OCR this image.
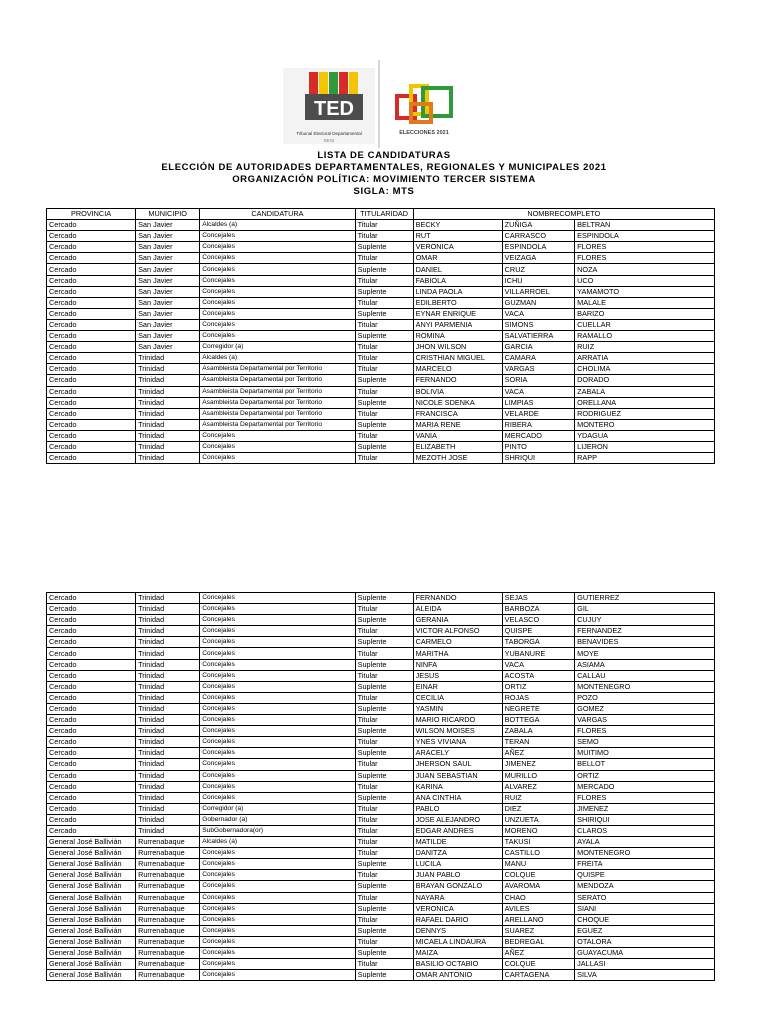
TED
Tribunal Electoral Departamental
BENI
ELECCIONES 2021
LISTA DE CANDIDATURAS
ELECCIÓN DE AUTORIDADES DEPARTAMENTALES, REGIONALES Y MUNICIPALES 2021
ORGANIZACIÓN POLÍTICA: MOVIMIENTO TERCER SISTEMA
SIGLA: MTS
PROVINCIA	MUNICIPIO	CANDIDATURA	TITULARIDAD	NOMBRECOMPLETO		
Cercado	San Javier	Alcaldes (a)	Titular	BECKY	ZUÑIGA	BELTRAN
Cercado	San Javier	Concejales	Titular	RUT	CARRASCO	ESPINDOLA
Cercado	San Javier	Concejales	Suplente	VERONICA	ESPINDOLA	FLORES
Cercado	San Javier	Concejales	Titular	OMAR	VEIZAGA	FLORES
Cercado	San Javier	Concejales	Suplente	DANIEL	CRUZ	NOZA
Cercado	San Javier	Concejales	Titular	FABIOLA	ICHU	UCO
Cercado	San Javier	Concejales	Suplente	LINDA PAOLA	VILLARROEL	YAMAMOTO
Cercado	San Javier	Concejales	Titular	EDILBERTO	GUZMAN	MALALE
Cercado	San Javier	Concejales	Suplente	EYNAR ENRIQUE	VACA	BARIZO
Cercado	San Javier	Concejales	Titular	ANYI PARMENIA	SIMONS	CUELLAR
Cercado	San Javier	Concejales	Suplente	ROMINA	SALVATIERRA	RAMALLO
Cercado	San Javier	Corregidor (a)	Titular	JHON WILSON	GARCIA	RUIZ
Cercado	Trinidad	Alcaldes (a)	Titular	CRISTHIAN MIGUEL	CAMARA	ARRATIA
Cercado	Trinidad	Asambleista Departamental por Territorio	Titular	MARCELO	VARGAS	CHOLIMA
Cercado	Trinidad	Asambleista Departamental por Territorio	Suplente	FERNANDO	SORIA	DORADO
Cercado	Trinidad	Asambleista Departamental por Territorio	Titular	BOLIVIA	VACA	ZABALA
Cercado	Trinidad	Asambleista Departamental por Territorio	Suplente	NICOLE SDENKA	LIMPIAS	ORELLANA
Cercado	Trinidad	Asambleista Departamental por Territorio	Titular	FRANCISCA	VELARDE	RODRIGUEZ
Cercado	Trinidad	Asambleista Departamental por Territorio	Suplente	MARIA RENE	RIBERA	MONTERO
Cercado	Trinidad	Concejales	Titular	VANIA	MERCADO	YDAGUA
Cercado	Trinidad	Concejales	Suplente	ELIZABETH	PINTO	LIJERON
Cercado	Trinidad	Concejales	Titular	MEZOTH JOSE	SHRIQUI	RAPP
Cercado	Trinidad	Concejales	Suplente	FERNANDO	SEJAS	GUTIERREZ
Cercado	Trinidad	Concejales	Titular	ALEIDA	BARBOZA	GIL
Cercado	Trinidad	Concejales	Suplente	GERANIA	VELASCO	CUJUY
Cercado	Trinidad	Concejales	Titular	VICTOR ALFONSO	QUISPE	FERNANDEZ
Cercado	Trinidad	Concejales	Suplente	CARMELO	TABORGA	BENAVIDES
Cercado	Trinidad	Concejales	Titular	MARITHA	YUBANURE	MOYE
Cercado	Trinidad	Concejales	Suplente	NINFA	VACA	ASIAMA
Cercado	Trinidad	Concejales	Titular	JESUS	ACOSTA	CALLAU
Cercado	Trinidad	Concejales	Suplente	EINAR	ORTIZ	MONTENEGRO
Cercado	Trinidad	Concejales	Titular	CECILIA	ROJAS	POZO
Cercado	Trinidad	Concejales	Suplente	YASMIN	NEGRETE	GOMEZ
Cercado	Trinidad	Concejales	Titular	MARIO RICARDO	BOTTEGA	VARGAS
Cercado	Trinidad	Concejales	Suplente	WILSON MOISES	ZABALA	FLORES
Cercado	Trinidad	Concejales	Titular	YNES VIVIANA	TERAN	SEMO
Cercado	Trinidad	Concejales	Suplente	ARACELY	AÑEZ	MUITIMO
Cercado	Trinidad	Concejales	Titular	JHERSON SAUL	JIMENEZ	BELLOT
Cercado	Trinidad	Concejales	Suplente	JUAN SEBASTIAN	MURILLO	ORTIZ
Cercado	Trinidad	Concejales	Titular	KARINA	ALVAREZ	MERCADO
Cercado	Trinidad	Concejales	Suplente	ANA CINTHIA	RUIZ	FLORES
Cercado	Trinidad	Corregidor (a)	Titular	PABLO	DIEZ	JIMENEZ
Cercado	Trinidad	Gobernador (a)	Titular	JOSE ALEJANDRO	UNZUETA	SHIRIQUI
Cercado	Trinidad	SubGobernadora(or)	Titular	EDGAR ANDRES	MORENO	CLAROS
General José Ballivián	Rurrenabaque	Alcaldes (a)	Titular	MATILDE	TAKUSI	AYALA
General José Ballivián	Rurrenabaque	Concejales	Titular	DANITZA	CASTILLO	MONTENEGRO
General José Ballivián	Rurrenabaque	Concejales	Suplente	LUCILA	MANU	FREITA
General José Ballivián	Rurrenabaque	Concejales	Titular	JUAN PABLO	COLQUE	QUISPE
General José Ballivián	Rurrenabaque	Concejales	Suplente	BRAYAN GONZALO	AVAROMA	MENDOZA
General José Ballivián	Rurrenabaque	Concejales	Titular	NAYARA	CHAO	SERATO
General José Ballivián	Rurrenabaque	Concejales	Suplente	VERONICA	AVILES	SIANI
General José Ballivián	Rurrenabaque	Concejales	Titular	RAFAEL DARIO	ARELLANO	CHOQUE
General José Ballivián	Rurrenabaque	Concejales	Suplente	DENNYS	SUAREZ	EGUEZ
General José Ballivián	Rurrenabaque	Concejales	Titular	MICAELA LINDAURA	BEDREGAL	OTALORA
General José Ballivián	Rurrenabaque	Concejales	Suplente	MAIZA	AÑEZ	GUAYACUMA
General José Ballivián	Rurrenabaque	Concejales	Titular	BASILIO OCTABIO	COLQUE	JALLASI
General José Ballivián	Rurrenabaque	Concejales	Suplente	OMAR ANTONIO	CARTAGENA	SILVA
